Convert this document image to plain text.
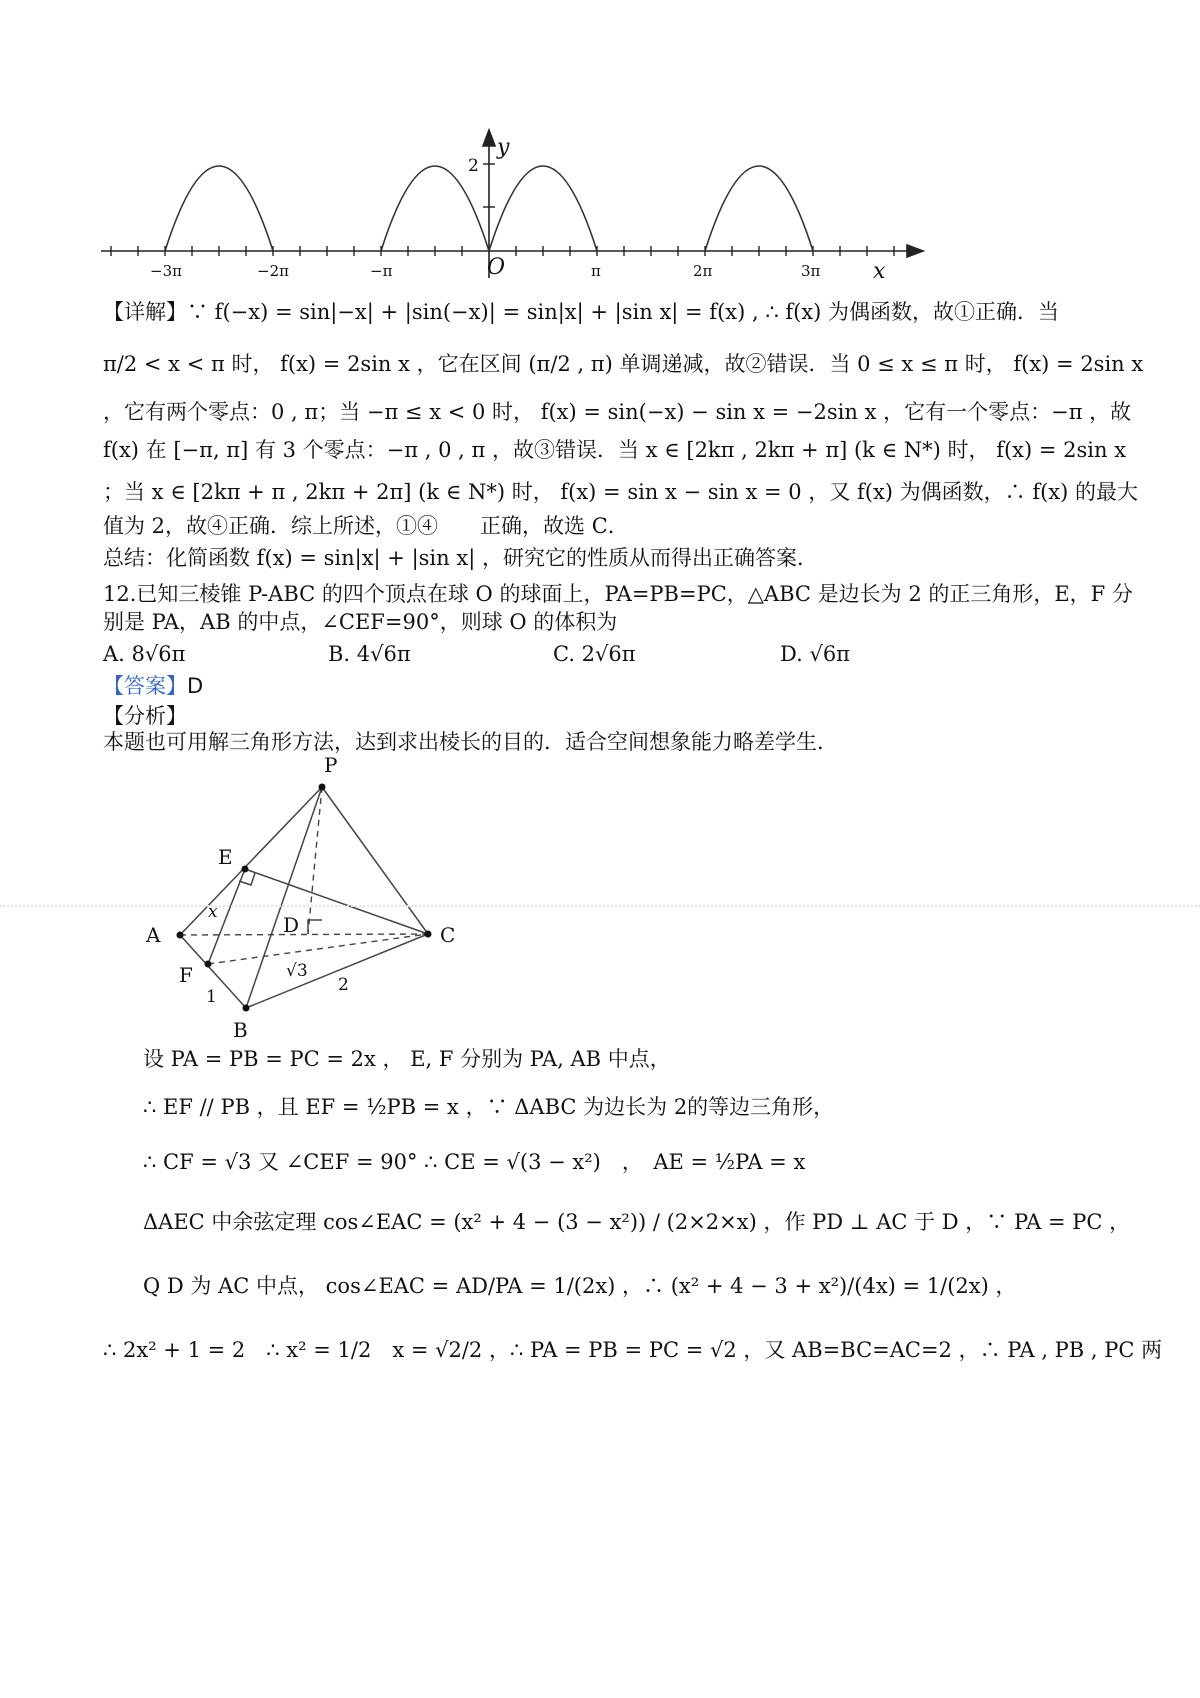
y
2
O	x
−3π	−2π	−π	π	2π	3π
【详解】∵ f(−x) = sin|−x| + |sin(−x)| = sin|x| + |sin x| = f(x) , ∴ f(x) 为偶函数，故①正确．当
π/2 < x < π 时， f(x) = 2sin x ，它在区间 (π/2 , π) 单调递减，故②错误．当 0 ≤ x ≤ π 时， f(x) = 2sin x
，它有两个零点：0 , π；当 −π ≤ x < 0 时， f(x) = sin(−x) − sin x = −2sin x ，它有一个零点：−π ，故
f(x) 在 [−π, π] 有 3 个零点：−π , 0 , π ，故③错误．当 x ∈ [2kπ , 2kπ + π] (k ∈ N*) 时， f(x) = 2sin x
；当 x ∈ [2kπ + π , 2kπ + 2π] (k ∈ N*) 时， f(x) = sin x − sin x = 0 ，又 f(x) 为偶函数，∴ f(x) 的最大
值为 2，故④正确．综上所述，①④　　正确，故选 C．
总结：化简函数 f(x) = sin|x| + |sin x| ，研究它的性质从而得出正确答案．
12.已知三棱锥 P-ABC 的四个顶点在球 O 的球面上，PA=PB=PC，△ABC 是边长为 2 的正三角形，E，F 分
别是 PA，AB 的中点，∠CEF=90°，则球 O 的体积为
A. 8√6π	B. 4√6π	C. 2√6π	D. √6π
【答案】D
【分析】
本题也可用解三角形方法，达到求出棱长的目的．适合空间想象能力略差学生．
P
E
A	D	C
F
B
x
1
√3
2
设 PA = PB = PC = 2x ， E, F 分别为 PA, AB 中点，
∴ EF // PB ，且 EF = ½PB = x ，∵ ΔABC 为边长为 2的等边三角形，
∴ CF = √3 又 ∠CEF = 90° ∴ CE = √(3 − x²)　，　AE = ½PA = x
ΔAEC 中余弦定理 cos∠EAC = (x² + 4 − (3 − x²)) / (2×2×x) ，作 PD ⊥ AC 于 D ，∵ PA = PC ，
Q D 为 AC 中点， cos∠EAC = AD/PA = 1/(2x) ，∴ (x² + 4 − 3 + x²)/(4x) = 1/(2x) ，
∴ 2x² + 1 = 2　∴ x² = 1/2　x = √2/2 ，∴ PA = PB = PC = √2 ，又 AB=BC=AC=2 ，∴ PA , PB , PC 两
